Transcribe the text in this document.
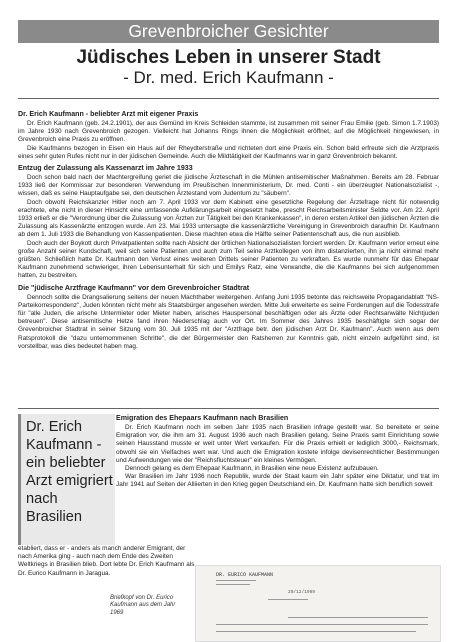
Grevenbroicher Gesichter
Jüdisches Leben in unserer Stadt
- Dr. med. Erich Kaufmann -
Dr. Erich Kaufmann - beliebter Arzt mit eigener Praxis

Dr. Erich Kaufmann (geb. 24.2.1901), der aus Gemünd im Kreis Schleiden stammte, ist zusammen mit seiner Frau Emilie (geb. Simon 1.7.1903) im Jahre 1930 nach Grevenbroich gezogen. Vielleicht hat Johanns Rings ihnen die Möglichkeit eröffnet, auf die Möglichkeit hingewiesen, in Grevenbroich eine Praxis zu eröffnen.

Die Kaufmanns bezogen in Eisen ein Haus auf der Rheydterstraße und richteten dort eine Praxis ein. Schon bald erfreute sich die Arztpraxis eines sehr guten Rufes nicht nur in der jüdischen Gemeinde. Auch die Mildtätigkeit der Kaufmanns war in ganz Grevenbroich bekannt.

Entzug der Zulassung als Kassenarzt im Jahre 1933

Doch schon bald nach der Machtergreifung geriet die jüdische Ärzteschaft in die Mühlen antisemitischer Maßnahmen. Bereits am 28. Februar 1933 ließ der Kommissar zur besonderen Verwendung im Preußischen Innenministerium, Dr. med. Conti - ein überzeugter Nationalsozialist -, wissen, daß es seine Hauptaufgabe sei, den deutschen Ärztestand vom Judentum zu "säubern".

Doch obwohl Reichskanzler Hitler noch am 7. April 1933 vor dem Kabinett eine gesetzliche Regelung der Ärztefrage nicht für notwendig erachtete, ehe nicht in dieser Hinsicht eine umfassende Aufklärungsarbeit eingesetzt habe, prescht Reichsarbeitsminister Seldte vor. Am 22. April 1933 erließ er die "Verordnung über die Zulassung von Ärzten zur Tätigkeit bei den Krankenkassen", in deren ersten Artikel den jüdischen Ärzten die Zulassung als Kassenärzte entzogen wurde. Am 23. Mai 1933 untersagte die kassenärztliche Vereinigung in Grevenbroich daraufhin Dr. Kaufmann ab dem 1. Juli 1933 die Behandlung von Kassenpatienten. Diese machten etwa die Hälfte seiner Patientenschaft aus, die nun ausblieb.

Doch auch der Boykott durch Privatpatienten sollte nach Absicht der örtlichen Nationalsozialisten forciert werden. Dr. Kaufmann verlor erneut eine große Anzahl seiner Kundschaft, weil sich seine Patienten und auch zum Teil seine Arztkollegen von ihm distanzierten, ihn ja nicht einmal mehr grüßten. Schließlich hatte Dr. Kaufmann den Verlust eines weiteren Drittels seiner Patienten zu verkraften. Es wurde nunmehr für das Ehepaar Kaufmann zunehmend schwieriger, ihren Lebensunterhalt für sich und Emilys Ratz, eine Verwandte, die die Kaufmanns bei sich aufgenommen hatten, zu bestreiten.

Die "jüdische Arztfrage Kaufmann" vor dem Grevenbroicher Stadtrat

Dennoch sollte die Drangsalierung seitens der neuen Machthaber weitergehen. Anfang Juni 1935 betonte das reichsweite Propagandablatt "NS-Parteikorrespondenz", Juden könnten nicht mehr als Staatsbürger angesehen werden. Mitte Juli erweiterte es seine Forderungen auf die Todesstrafe für "alle Juden, die arische Untermieter oder Mieter haben, arisches Hauspersonal beschäftigen oder als Ärzte oder Rechtsanwälte Nichtjuden betreuen". Diese antisemitische Hetze fand ihren Niederschlag auch vor Ort. Im Sommer des Jahres 1935 beschäftigte sich sogar der Grevenbroicher Stadtrat in seiner Sitzung vom 30. Juli 1935 mit der "Arztfrage betr. den jüdischen Arzt Dr. Kaufmann". Auch wenn aus dem Ratsprotokoll die "dazu unternommenen Schritte", die der Bürgermeister den Ratsherren zur Kenntnis gab, nicht einzeln aufgeführt sind, ist vorstellbar, was dies bedeutet haben mag.

Dr. Erich Kaufmann - ein beliebter Arzt emigriert nach Brasilien
Emigration des Ehepaars Kaufmann nach Brasilien

Dr. Erich Kaufmann noch im selben Jahr 1935 nach Brasilien infrage gestellt war. So bereitete er seine Emigration vor, die ihm am 31. August 1936 auch nach Brasilien gelang. Seine Praxis samt Einrichtung sowie seinen Hausstand musste er weit unter Wert verkaufen. Für die Praxis erhielt er lediglich 3000,- Reichsmark, obwohl sie ein Vielfaches wert war. Und auch die Emigration kostete infolge devisenrechtlicher Bestimmungen und Aufwendungen wie der "Reichsfluchtsteuer" ein kleines Vermögen.

Dennoch gelang es dem Ehepaar Kaufmann, in Brasilien eine neue Existenz aufzubauen.

War Brasilien im Jahr 1936 noch Republik, wurde der Staat kaum ein Jahr später eine Diktatur, und trat im Jahr 1941 auf Seiten der Alliierten in den Krieg gegen Deutschland ein. Dr. Kaufmann hatte sich beruflich soweit

etabliert, dass er - anders als manch anderer Emigrant, der nach Amerika ging - auch nach dem Ende des Zweiten Weltkriegs in Brasilien blieb. Dort lebte Dr. Erich Kaufmann als Dr. Eurico Kaufmann in Jaragua.

Briefkopf von Dr. Eurico Kaufmann aus dem Jahr 1969
DR. EURICO KAUFMANN
20/12/1969
